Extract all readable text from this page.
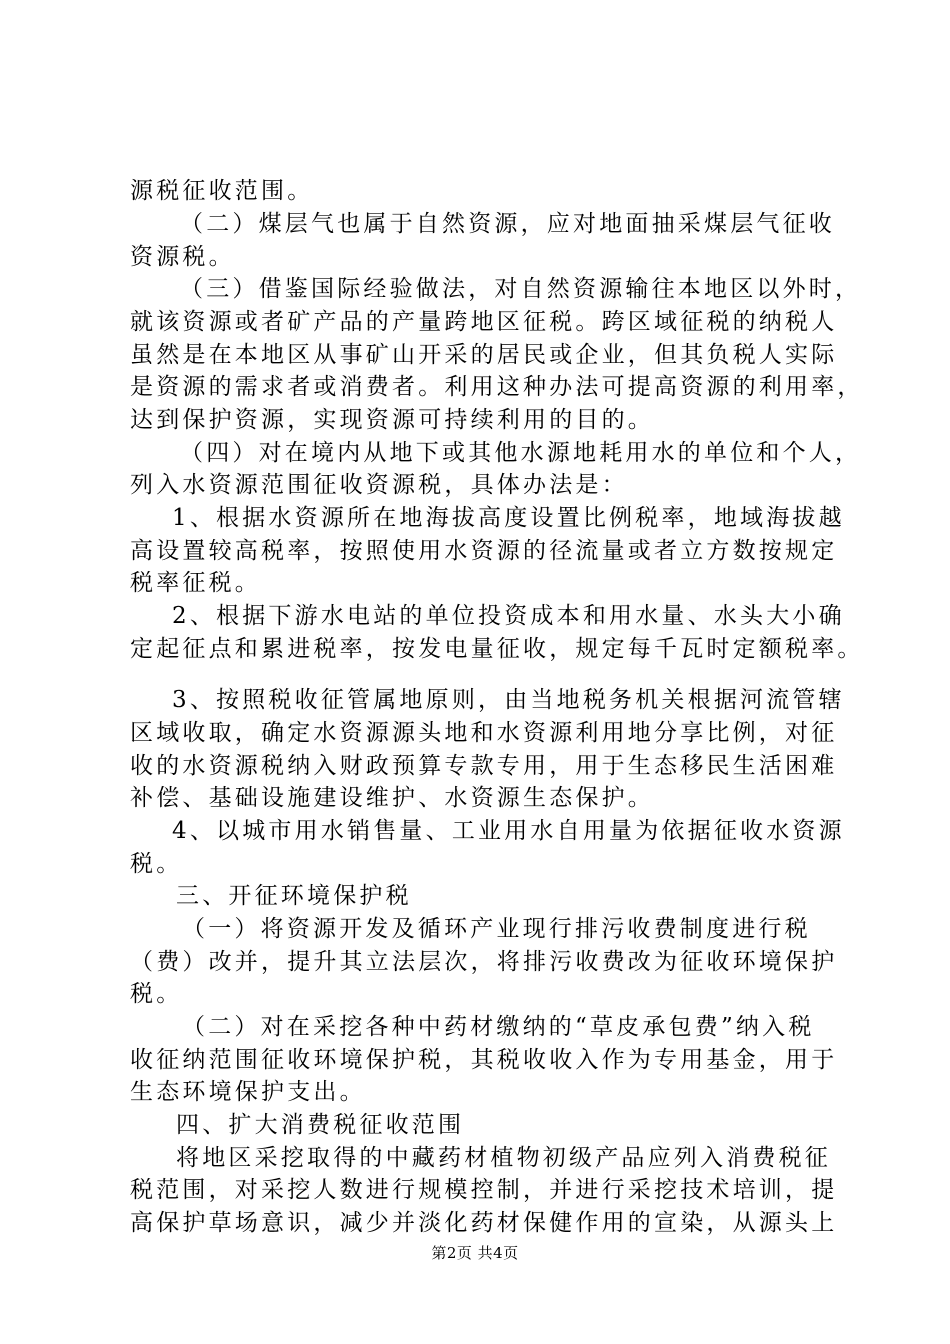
源税征收范围。
（二）煤层气也属于自然资源，应对地面抽采煤层气征收
资源税。
（三）借鉴国际经验做法，对自然资源输往本地区以外时，
就该资源或者矿产品的产量跨地区征税。跨区域征税的纳税人
虽然是在本地区从事矿山开采的居民或企业，但其负税人实际
是资源的需求者或消费者。利用这种办法可提高资源的利用率，
达到保护资源，实现资源可持续利用的目的。
（四）对在境内从地下或其他水源地耗用水的单位和个人，
列入水资源范围征收资源税，具体办法是：
1、根据水资源所在地海拔高度设置比例税率，地域海拔越
高设置较高税率，按照使用水资源的径流量或者立方数按规定
税率征税。
2、根据下游水电站的单位投资成本和用水量、水头大小确
定起征点和累进税率，按发电量征收，规定每千瓦时定额税率。
3、按照税收征管属地原则，由当地税务机关根据河流管辖
区域收取，确定水资源源头地和水资源利用地分享比例，对征
收的水资源税纳入财政预算专款专用，用于生态移民生活困难
补偿、基础设施建设维护、水资源生态保护。
4、以城市用水销售量、工业用水自用量为依据征收水资源
税。
三、开征环境保护税
（一）将资源开发及循环产业现行排污收费制度进行税
（费）改并，提升其立法层次，将排污收费改为征收环境保护
税。
（二）对在采挖各种中药材缴纳的“草皮承包费”纳入税
收征纳范围征收环境保护税，其税收收入作为专用基金，用于
生态环境保护支出。
四、扩大消费税征收范围
将地区采挖取得的中藏药材植物初级产品应列入消费税征
税范围，对采挖人数进行规模控制，并进行采挖技术培训，提
高保护草场意识，减少并淡化药材保健作用的宣染，从源头上
第2页 共4页
